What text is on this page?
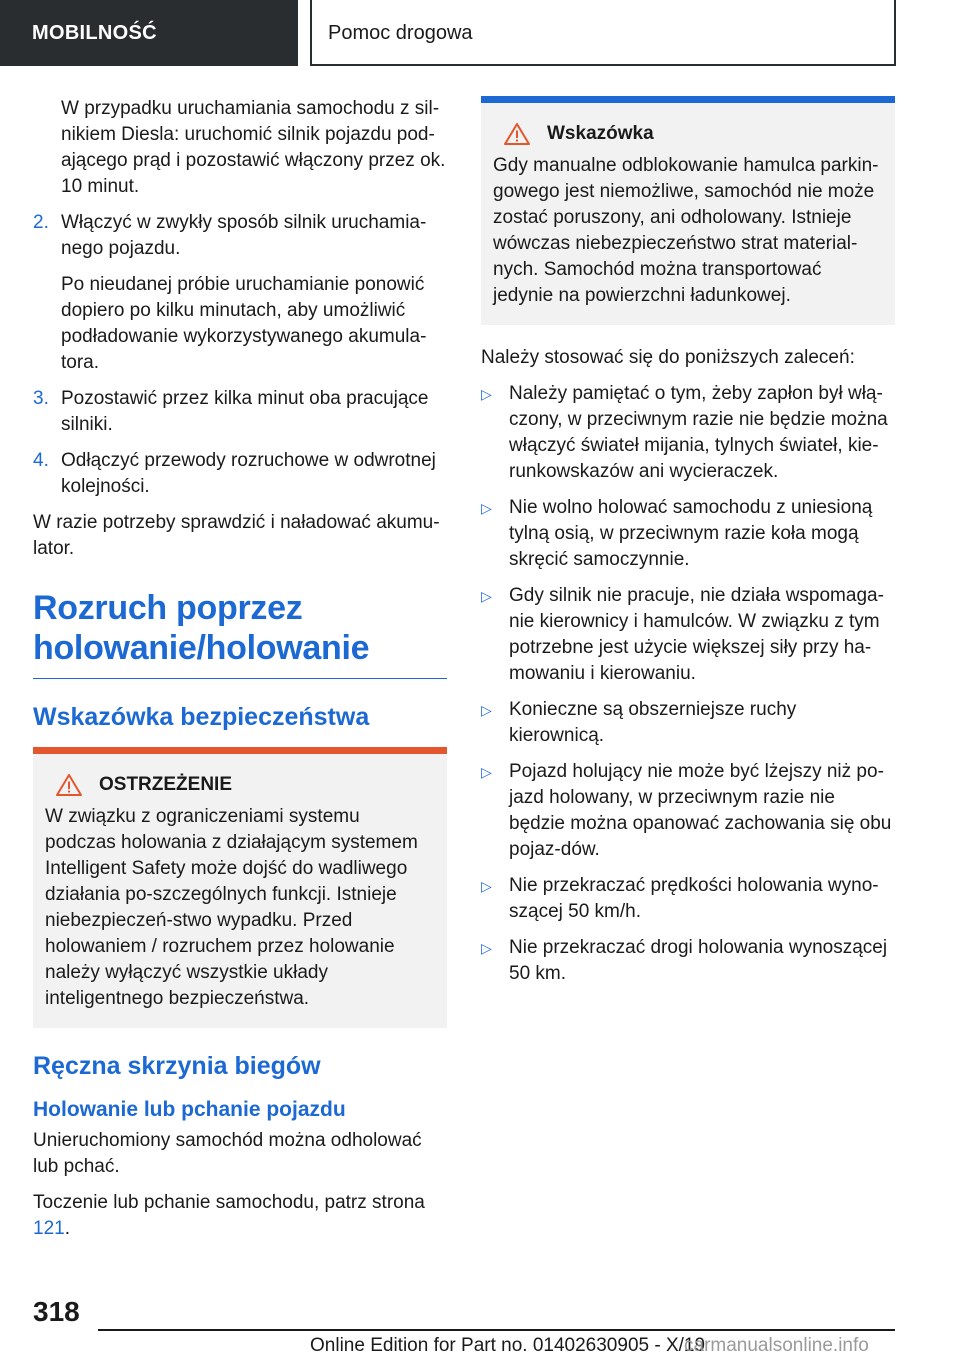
MOBILNOŚĆ	Pomoc drogowa

W przypadku uruchamiania samochodu z sil-nikiem Diesla: uruchomić silnik pojazdu pod-ającego prąd i pozostawić włączony przez ok. 10 minut.

2. Włączyć w zwykły sposób silnik uruchamia-nego pojazdu.

Po nieudanej próbie uruchamianie ponowić dopiero po kilku minutach, aby umożliwić podładowanie wykorzystywanego akumula-tora.

3. Pozostawić przez kilka minut oba pracujące silniki.
4. Odłączyć przewody rozruchowe w odwrotnej kolejności.

W razie potrzeby sprawdzić i naładować akumu-lator.

Rozruch poprzez holowanie/holowanie
Wskazówka bezpieczeństwa
OSTRZEŻENIE

W związku z ograniczeniami systemu podczas holowania z działającym systemem Intelligent Safety może dojść do wadliwego działania po-szczególnych funkcji. Istnieje niebezpieczeń-stwo wypadku. Przed holowaniem / rozruchem przez holowanie należy wyłączyć wszystkie układy inteligentnego bezpieczeństwa.

Ręczna skrzynia biegów
Holowanie lub pchanie pojazdu

Unieruchomiony samochód można odholować lub pchać.

Toczenie lub pchanie samochodu, patrz strona 121.

Wskazówka

Gdy manualne odblokowanie hamulca parkin-gowego jest niemożliwe, samochód nie może zostać poruszony, ani odholowany. Istnieje wówczas niebezpieczeństwo strat material-nych. Samochód można transportować jedynie na powierzchni ładunkowej.

Należy stosować się do poniższych zaleceń:

▷ Należy pamiętać o tym, żeby zapłon był włą-czony, w przeciwnym razie nie będzie można włączyć świateł mijania, tylnych świateł, kie-runkowskazów ani wycieraczek.
▷ Nie wolno holować samochodu z uniesioną tylną osią, w przeciwnym razie koła mogą skręcić samoczynnie.
▷ Gdy silnik nie pracuje, nie działa wspomaga-nie kierownicy i hamulców. W związku z tym potrzebne jest użycie większej siły przy ha-mowaniu i kierowaniu.
▷ Konieczne są obszerniejsze ruchy kierownicą.
▷ Pojazd holujący nie może być lżejszy niż po-jazd holowany, w przeciwnym razie nie będzie można opanować zachowania się obu pojaz-dów.
▷ Nie przekraczać prędkości holowania wyno-szącej 50 km/h.
▷ Nie przekraczać drogi holowania wynoszącej 50 km.
318
Online Edition for Part no. 01402630905 - X/19
carmanualsonline.info
